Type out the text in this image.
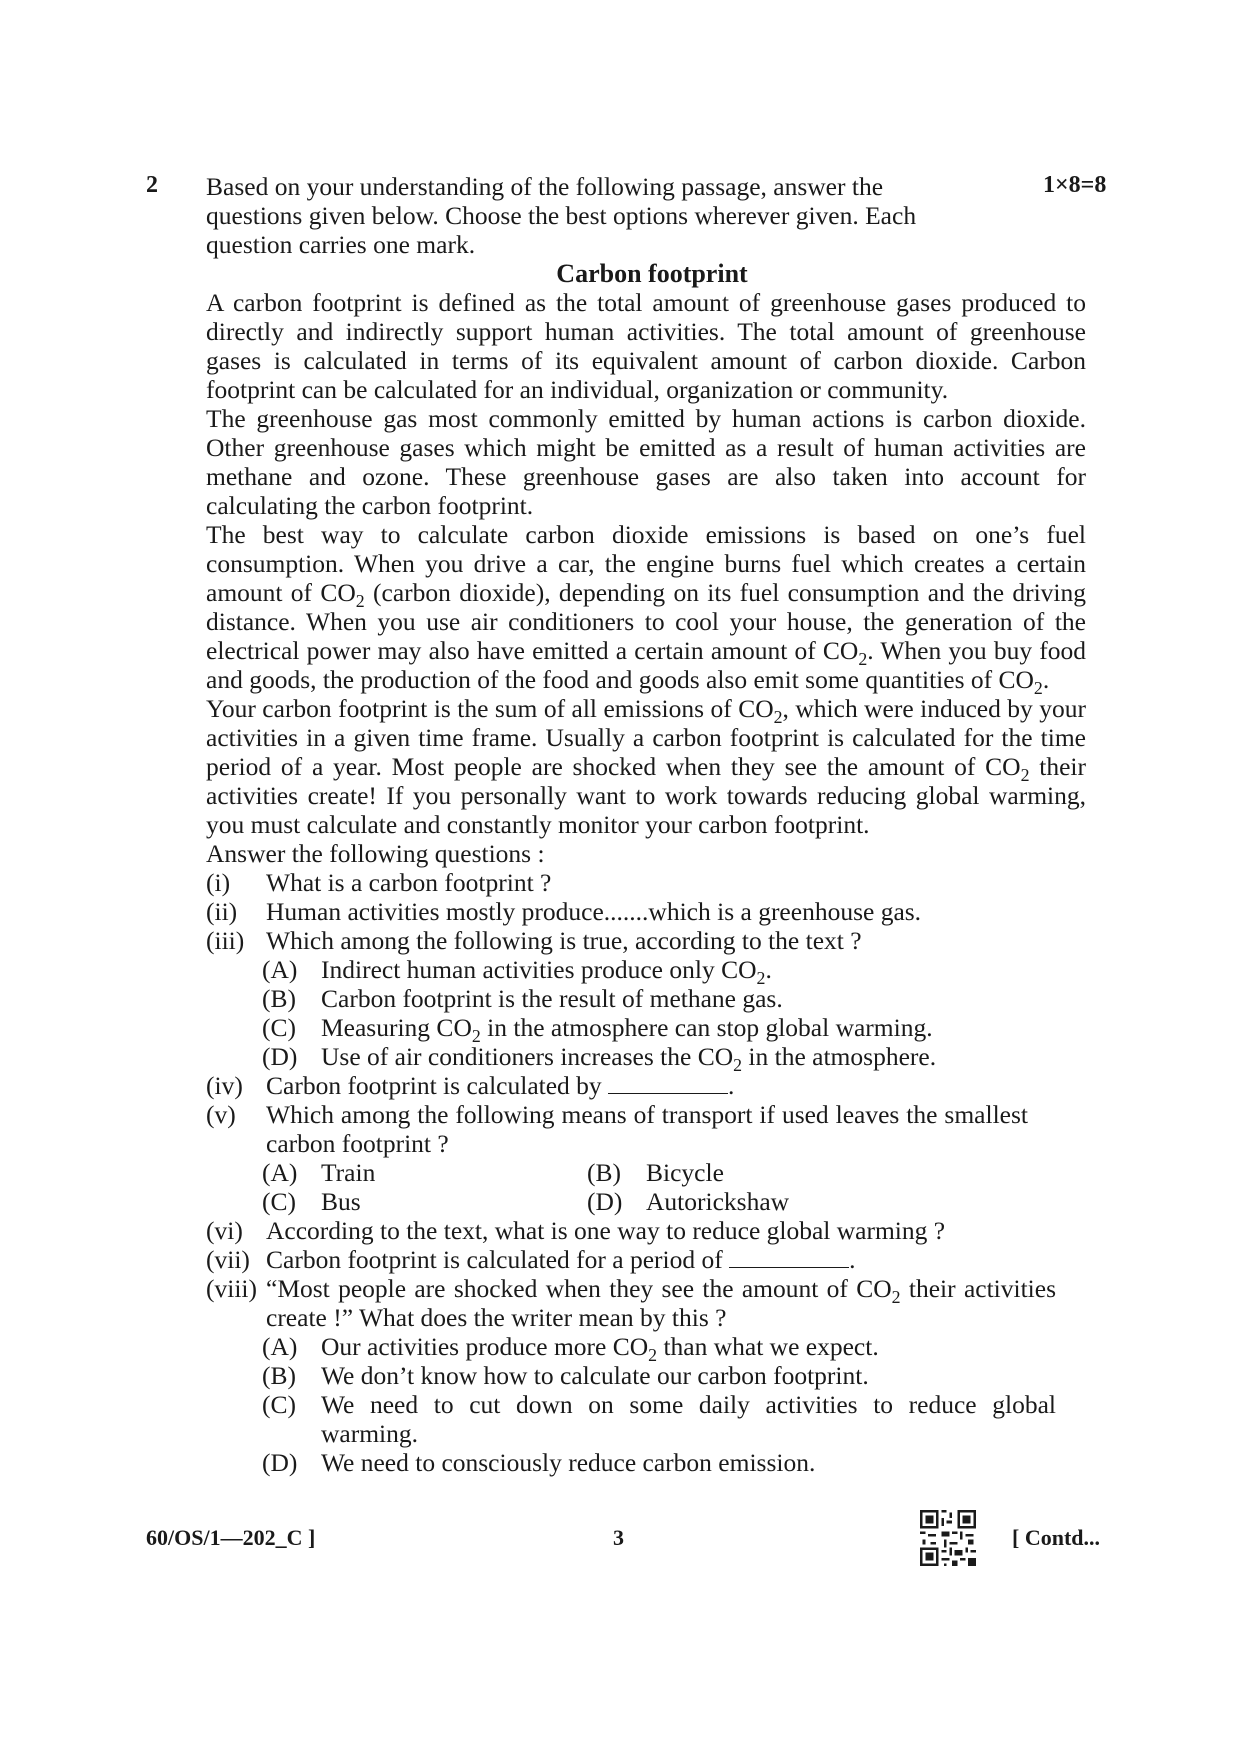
2	1×8=8

Based on your understanding of the following passage, answer the questions given below. Choose the best options wherever given. Each question carries one mark.

Carbon footprint

A carbon footprint is defined as the total amount of greenhouse gases produced to directly and indirectly support human activities. The total amount of greenhouse gases is calculated in terms of its equivalent amount of carbon dioxide. Carbon footprint can be calculated for an individual, organization or community.

The greenhouse gas most commonly emitted by human actions is carbon dioxide. Other greenhouse gases which might be emitted as a result of human activities are methane and ozone. These greenhouse gases are also taken into account for calculating the carbon footprint.

The best way to calculate carbon dioxide emissions is based on one’s fuel consumption. When you drive a car, the engine burns fuel which creates a certain amount of $CO_2$ (carbon dioxide), depending on its fuel consumption and the driving distance. When you use air conditioners to cool your house, the generation of the electrical power may also have emitted a certain amount of $CO_2$. When you buy food and goods, the production of the food and goods also emit some quantities of $CO_2$.

Your carbon footprint is the sum of all emissions of $CO_2$, which were induced by your activities in a given time frame. Usually a carbon footprint is calculated for the time period of a year. Most people are shocked when they see the amount of $CO_2$ their activities create! If you personally want to work towards reducing global warming, you must calculate and constantly monitor your carbon footprint.

Answer the following questions :

(i)	What is a carbon footprint ?
(ii)	Human activities mostly produce.......which is a greenhouse gas.
(iii) Which among the following is true, according to the text ?
(A) Indirect human activities produce only $CO_2$.
(B) Carbon footprint is the result of methane gas.
(C) Measuring $CO_2$ in the atmosphere can stop global warming.
(D) Use of air conditioners increases the $CO_2$ in the atmosphere.
(iv) Carbon footprint is calculated by	.
(v)	Which among the following means of transport if used leaves the smallest carbon footprint ?
(A) Train	(B) Bicycle
(C) Bus	(D) Autorickshaw
(vi) According to the text, what is one way to reduce global warming ?
(vii) Carbon footprint is calculated for a period of	.
(viii) “Most people are shocked when they see the amount of $CO_2$ their activities create !” What does the writer mean by this ?
(A) Our activities produce more $CO_2$ than what we expect.
(B) We don’t know how to calculate our carbon footprint.
(C) We need to cut down on some daily activities to reduce global warming.
(D) We need to consciously reduce carbon emission.
60/OS/1—202_C ]	3	[ Contd...
